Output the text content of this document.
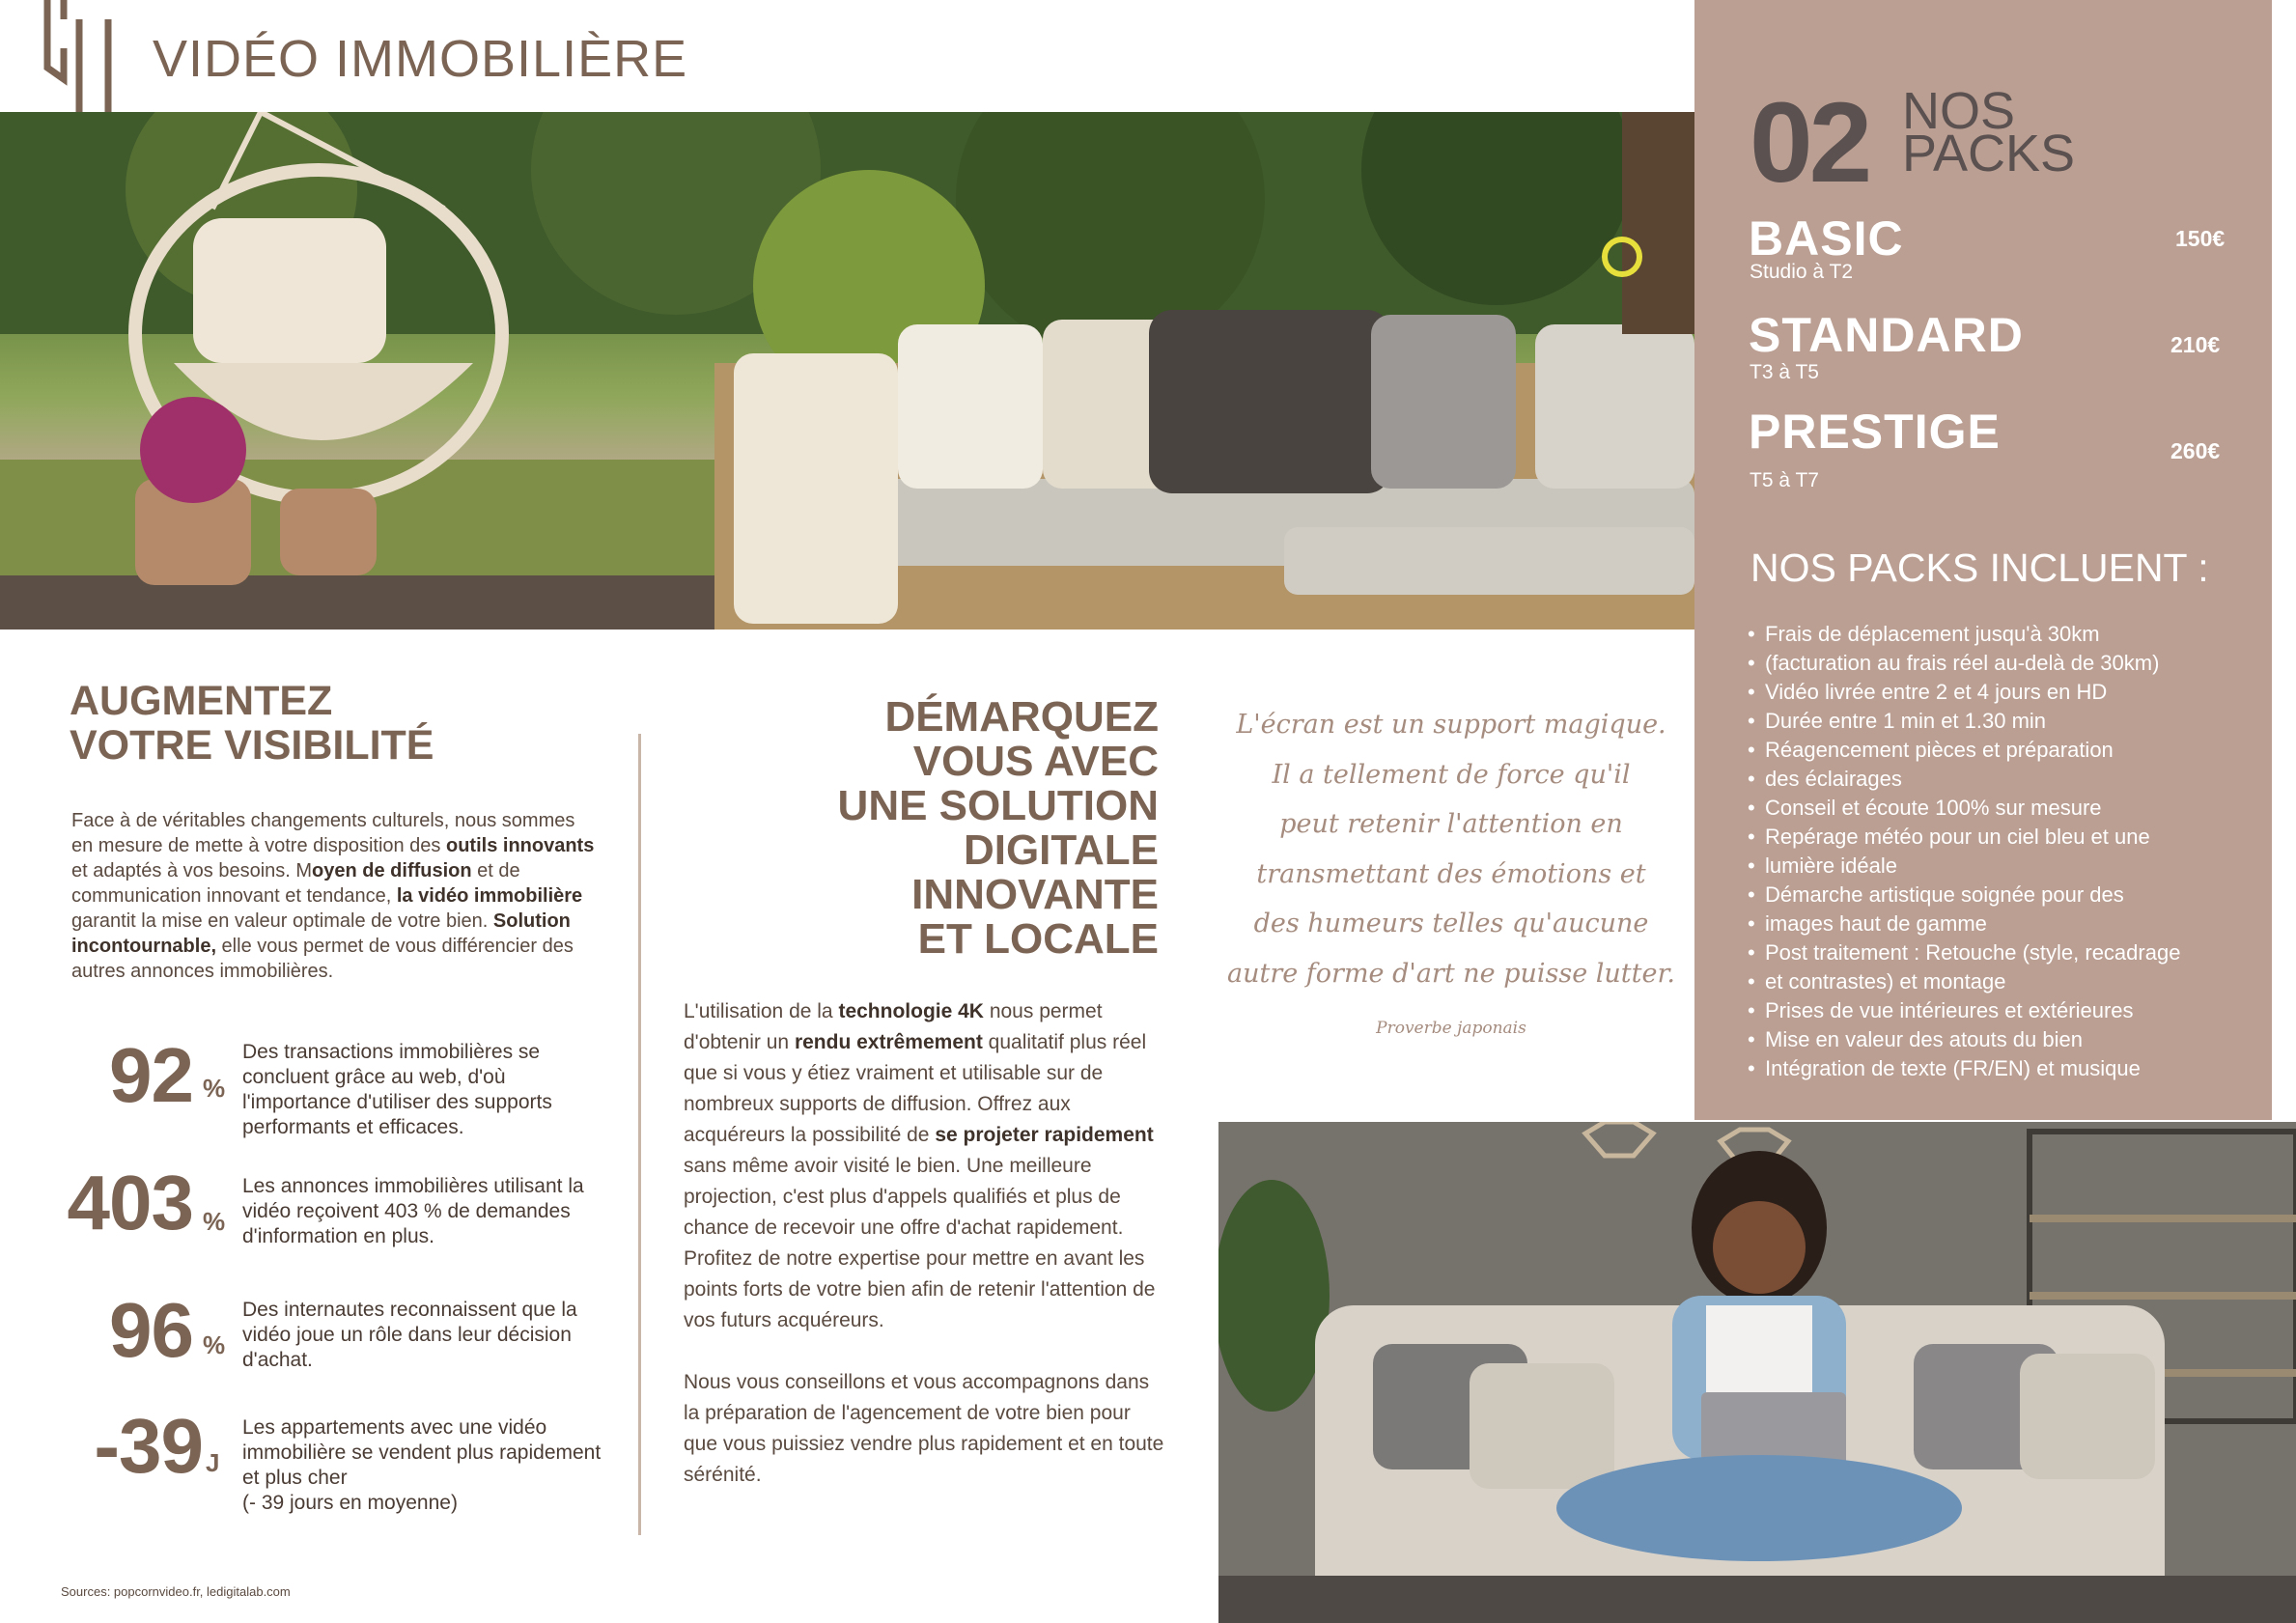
VIDÉO IMMOBILIÈRE
02 NOS
PACKS
BASIC
Studio à T2
150€
STANDARD
T3 à T5
210€
PRESTIGE
T5 à T7
260€
NOS PACKS INCLUENT :
• Frais de déplacement jusqu'à 30km
• (facturation au frais réel au-delà de 30km)
• Vidéo livrée entre 2 et 4 jours en HD
• Durée entre 1 min et 1.30 min
• Réagencement pièces et préparation
• des éclairages
• Conseil et écoute 100% sur mesure
• Repérage météo pour un ciel bleu et une
• lumière idéale
• Démarche artistique soignée pour des
• images haut de gamme
• Post traitement : Retouche (style, recadrage
• et contrastes) et montage
• Prises de vue intérieures et extérieures
• Mise en valeur des atouts du bien
• Intégration de texte (FR/EN) et musique
AUGMENTEZ
VOTRE VISIBILITÉ
Face à de véritables changements culturels, nous sommes en mesure de mette à votre disposition des outils innovants et adaptés à vos besoins. Moyen de diffusion et de communication innovant et tendance, la vidéo immobilière garantit la mise en valeur optimale de votre bien. Solution incontournable, elle vous permet de vous différencier des autres annonces immobilières.
92 %
Des transactions immobilières se concluent grâce au web, d'où l'importance d'utiliser des supports performants et efficaces.
403 %
Les annonces immobilières utilisant la vidéo reçoivent 403 % de demandes d'information en plus.
96 %
Des internautes reconnaissent que la vidéo joue un rôle dans leur décision d'achat.
-39 J
Les appartements avec une vidéo immobilière se vendent plus rapidement et plus cher
(- 39 jours en moyenne)
Sources: popcornvideo.fr, ledigitalab.com
DÉMARQUEZ
VOUS AVEC
UNE SOLUTION
DIGITALE
INNOVANTE
ET LOCALE
L'utilisation de la technologie 4K nous permet d'obtenir un rendu extrêmement qualitatif plus réel que si vous y étiez vraiment et utilisable sur de nombreux supports de diffusion. Offrez aux acquéreurs la possibilité de se projeter rapidement sans même avoir visité le bien. Une meilleure projection, c'est plus d'appels qualifiés et plus de chance de recevoir une offre d'achat rapidement. Profitez de notre expertise pour mettre en avant les points forts de votre bien afin de retenir l'attention de vos futurs acquéreurs.
Nous vous conseillons et vous accompagnons dans la préparation de l'agencement de votre bien pour que vous puissiez vendre plus rapidement et en toute sérénité.
L'écran est un support magique.
Il a tellement de force qu'il
peut retenir l'attention en
transmettant des émotions et
des humeurs telles qu'aucune
autre forme d'art ne puisse lutter.
Proverbe japonais
